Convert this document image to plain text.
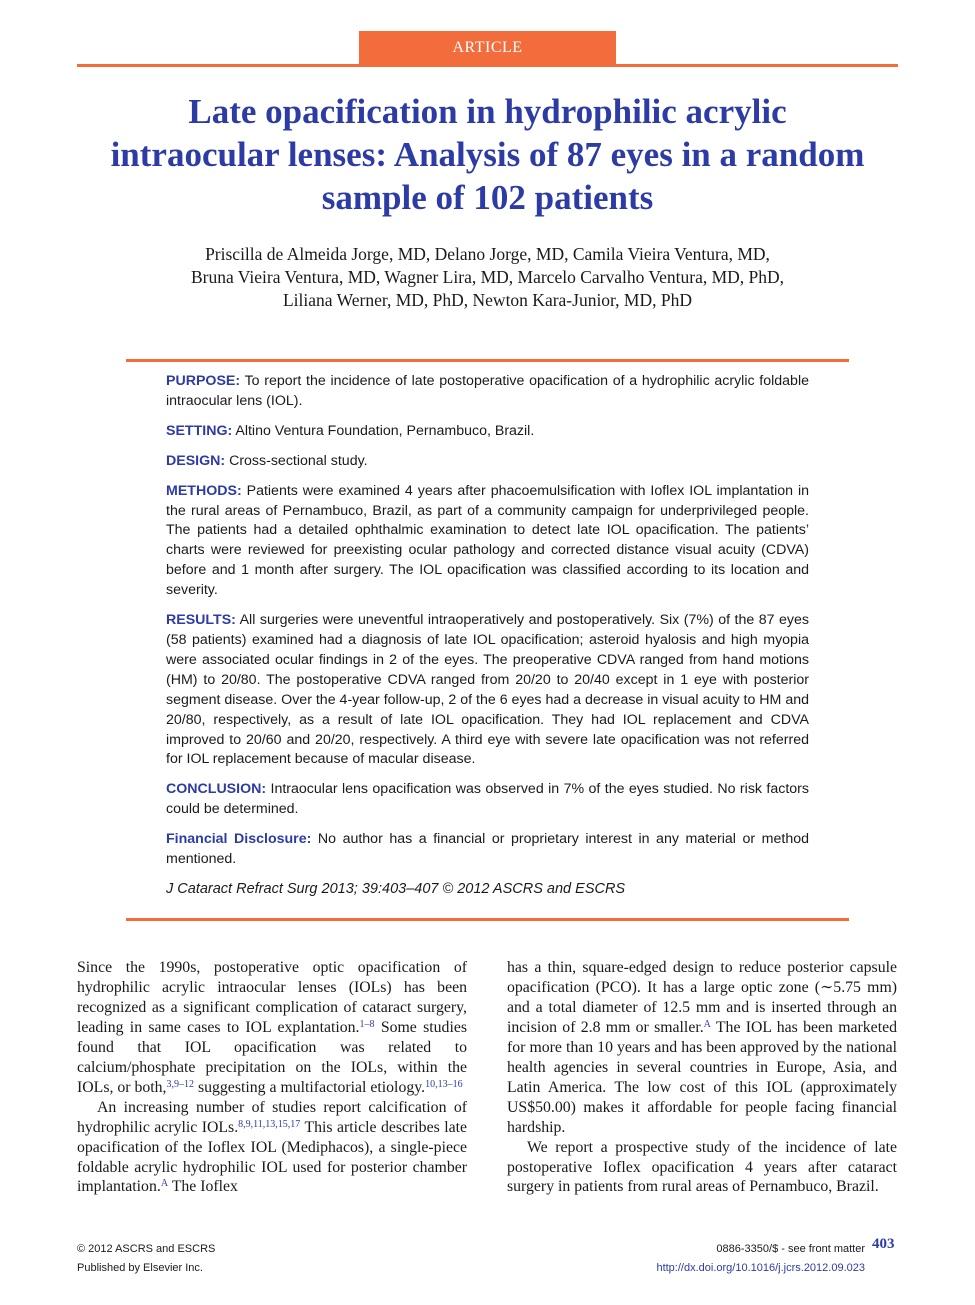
ARTICLE
Late opacification in hydrophilic acrylic intraocular lenses: Analysis of 87 eyes in a random sample of 102 patients
Priscilla de Almeida Jorge, MD, Delano Jorge, MD, Camila Vieira Ventura, MD,
Bruna Vieira Ventura, MD, Wagner Lira, MD, Marcelo Carvalho Ventura, MD, PhD,
Liliana Werner, MD, PhD, Newton Kara-Junior, MD, PhD

PURPOSE: To report the incidence of late postoperative opacification of a hydrophilic acrylic foldable intraocular lens (IOL).

SETTING: Altino Ventura Foundation, Pernambuco, Brazil.

DESIGN: Cross-sectional study.

METHODS: Patients were examined 4 years after phacoemulsification with Ioflex IOL implantation in the rural areas of Pernambuco, Brazil, as part of a community campaign for underprivileged people. The patients had a detailed ophthalmic examination to detect late IOL opacification. The patients’ charts were reviewed for preexisting ocular pathology and corrected distance visual acuity (CDVA) before and 1 month after surgery. The IOL opacification was classified according to its location and severity.

RESULTS: All surgeries were uneventful intraoperatively and postoperatively. Six (7%) of the 87 eyes (58 patients) examined had a diagnosis of late IOL opacification; asteroid hyalosis and high myopia were associated ocular findings in 2 of the eyes. The preoperative CDVA ranged from hand motions (HM) to 20/80. The postoperative CDVA ranged from 20/20 to 20/40 except in 1 eye with posterior segment disease. Over the 4-year follow-up, 2 of the 6 eyes had a decrease in visual acuity to HM and 20/80, respectively, as a result of late IOL opacification. They had IOL replacement and CDVA improved to 20/60 and 20/20, respectively. A third eye with severe late opacification was not referred for IOL replacement because of macular disease.

CONCLUSION: Intraocular lens opacification was observed in 7% of the eyes studied. No risk factors could be determined.

Financial Disclosure: No author has a financial or proprietary interest in any material or method mentioned.

J Cataract Refract Surg 2013; 39:403–407 © 2012 ASCRS and ESCRS

Since the 1990s, postoperative optic opacification of hydrophilic acrylic intraocular lenses (IOLs) has been recognized as a significant complication of cataract surgery, leading in same cases to IOL explantation.$^{1-8}$ Some studies found that IOL opacification was related to calcium/phosphate precipitation on the IOLs, within the IOLs, or both,$^{3,9-12}$ suggesting a multifactorial etiology.$^{10,13-16}$

An increasing number of studies report calcification of hydrophilic acrylic IOLs.$^{8,9,11,13,15,17}$ This article describes late opacification of the Ioflex IOL (Mediphacos), a single-piece foldable acrylic hydrophilic IOL used for posterior chamber implantation.$^A$ The Ioflex

has a thin, square-edged design to reduce posterior capsule opacification (PCO). It has a large optic zone (∼5.75 mm) and a total diameter of 12.5 mm and is inserted through an incision of 2.8 mm or smaller.$^A$ The IOL has been marketed for more than 10 years and has been approved by the national health agencies in several countries in Europe, Asia, and Latin America. The low cost of this IOL (approximately US$50.00) makes it affordable for people facing financial hardship.

We report a prospective study of the incidence of late postoperative Ioflex opacification 4 years after cataract surgery in patients from rural areas of Pernambuco, Brazil.

© 2012 ASCRS and ESCRS
Published by Elsevier Inc.
0886-3350/$ - see front matter
http://dx.doi.org/10.1016/j.jcrs.2012.09.023
403
